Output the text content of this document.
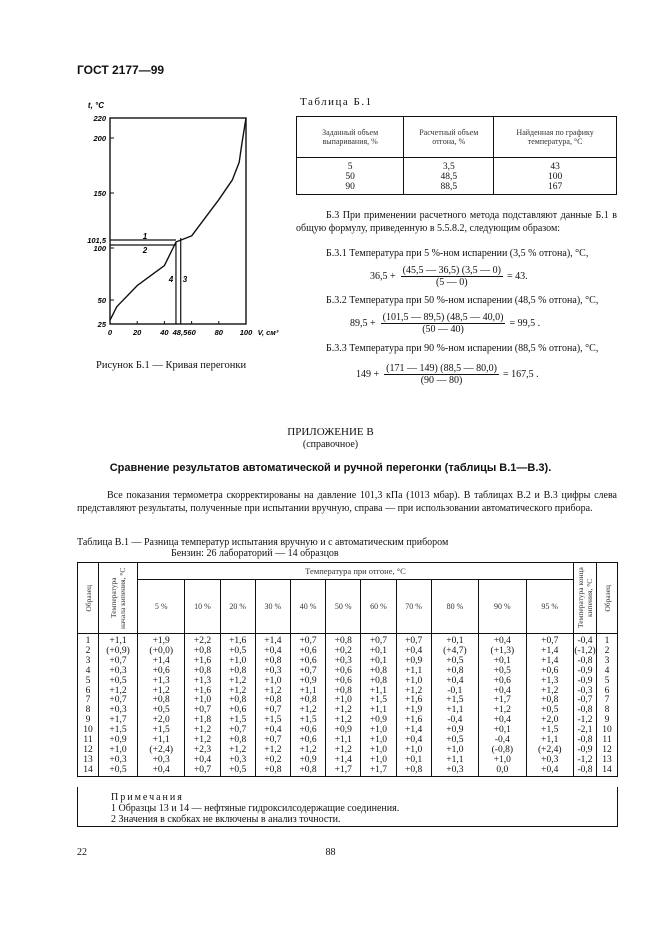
ГОСТ 2177—99
0	20	40 48,5 60	80 100
25
50
100
101,5
150
200
220
t, °C
V, см³
1
2
3
4
Рисунок Б.1 — Кривая перегонки
Таблица Б.1
Заданный объем выпаривания, %	Расчетный объем отгона, %	Найденная по графику температура, °C
5	3,5	43
50	48,5	100
90	88,5	167
Б.3 При применении расчетного метода подставляют данные Б.1 в общую формулу, приведенную в 5.5.8.2, следующим образом:
Б.3.1 Температура при 5 %-ном испарении (3,5 % отгона), °C,
36,5 +	
(45,5 — 36,5) (3,5 — 0)
(5 — 0)
	= 43.
Б.3.2 Температура при 50 %-ном испарении (48,5 % отгона), °C,
89,5 +	
(101,5 — 89,5) (48,5 — 40,0)
(50 — 40)
	= 99,5 .
Б.3.3 Температура при 90 %-ном испарении (88,5 % отгона), °C,
149 +	
(171 — 149) (88,5 — 80,0)
(90 — 80)
	= 167,5 .
ПРИЛОЖЕНИЕ В
(справочное)
Сравнение результатов автоматической и ручной перегонки (таблицы В.1—В.3).
Все показания термометра скорректированы на давление 101,3 кПа (1013 мбар). В таблицах В.2 и В.3 цифры слева представляют результаты, полученные при испытании вручную, справа — при использовании автоматического прибора.
Таблица В.1 — Разница температур испытания вручную и с автоматическим прибором
Бензин: 26 лабораторий — 14 образцов
Образец	Температура начала кипения, °C	Температура при отгоне, °C											Температура конца кипения, °C	Образец

		5 %	10 %	20 %	30 %	40 %	50 %	60 %	70 %	80 %	90 %	95 %		
1	+1,1	+1,9	+2,2	+1,6	+1,4	+0,7	+0,8	+0,7	+0,7	+0,1	+0,4	+0,7	-0,4	1
2	(+0,9)	(+0,0)	+0,8	+0,5	+0,4	+0,6	+0,2	+0,1	+0,4	(+4,7)	(+1,3)	+1,4	(-1,2)	2
3	+0,7	+1,4	+1,6	+1,0	+0,8	+0,6	+0,3	+0,1	+0,9	+0,5	+0,1	+1,4	-0,8	3
4	+0,3	+0,6	+0,8	+0,8	+0,3	+0,7	+0,6	+0,8	+1,1	+0,8	+0,5	+0,6	-0,9	4
5	+0,5	+1,3	+1,3	+1,2	+1,0	+0,9	+0,6	+0,8	+1,0	+0,4	+0,6	+1,3	-0,9	5
6	+1,2	+1,2	+1,6	+1,2	+1,2	+1,1	+0,8	+1,1	+1,2	-0,1	+0,4	+1,2	-0,3	6
7	+0,7	+0,8	+1,0	+0,8	+0,8	+0,8	+1,0	+1,5	+1,6	+1,5	+1,7	+0,8	-0,7	7
8	+0,3	+0,5	+0,7	+0,6	+0,7	+1,2	+1,2	+1,1	+1,9	+1,1	+1,2	+0,5	-0,8	8
9	+1,7	+2,0	+1,8	+1,5	+1,5	+1,5	+1,2	+0,9	+1,6	-0,4	+0,4	+2,0	-1,2	9
10	+1,5	+1,5	+1,2	+0,7	+0,4	+0,6	+0,9	+1,0	+1,4	+0,9	+0,1	+1,5	-2,1	10
11	+0,9	+1,1	+1,2	+0,8	+0,7	+0,6	+1,1	+1,0	+0,4	+0,5	-0,4	+1,1	-0,8	11
12	+1,0	(+2,4)	+2,3	+1,2	+1,2	+1,2	+1,2	+1,0	+1,0	+1,0	(-0,8)	(+2,4)	-0,9	12
13	+0,3	+0,3	+0,4	+0,3	+0,2	+0,9	+1,4	+1,0	+0,1	+1,1	+1,0	+0,3	-1,2	13
14	+0,5	+0,4	+0,7	+0,5	+0,8	+0,8	+1,7	+1,7	+0,8	+0,3	0,0	+0,4	-0,8	14
Примечания
1 Образцы 13 и 14 — нефтяные гидроксилсодержащие соединения.
2 Значения в скобках не включены в анализ точности.
22	88
